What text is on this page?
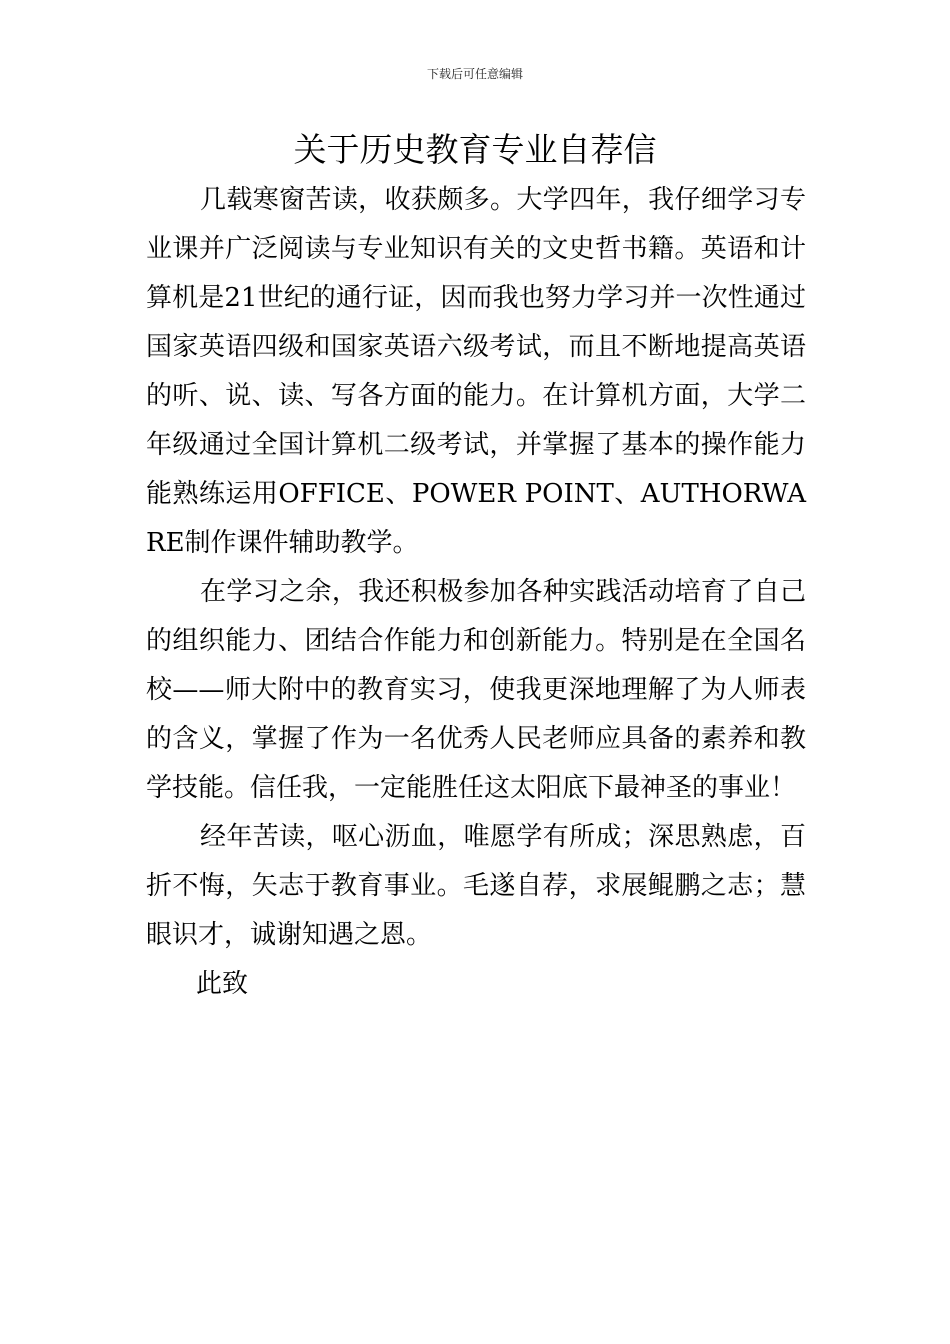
下载后可任意编辑
关于历史教育专业自荐信

几载寒窗苦读，收获颇多。大学四年，我仔细学习专业课并广泛阅读与专业知识有关的文史哲书籍。英语和计算机是21世纪的通行证，因而我也努力学习并一次性通过国家英语四级和国家英语六级考试，而且不断地提高英语的听、说、读、写各方面的能力。在计算机方面，大学二年级通过全国计算机二级考试，并掌握了基本的操作能力能熟练运用OFFICE、POWER POINT、AUTHORWARE制作课件辅助教学。

在学习之余，我还积极参加各种实践活动培育了自己的组织能力、团结合作能力和创新能力。特别是在全国名校——师大附中的教育实习，使我更深地理解了为人师表的含义，掌握了作为一名优秀人民老师应具备的素养和教学技能。信任我，一定能胜任这太阳底下最神圣的事业！

经年苦读，呕心沥血，唯愿学有所成；深思熟虑，百折不悔，矢志于教育事业。毛遂自荐，求展鲲鹏之志；慧眼识才，诚谢知遇之恩。

此致
